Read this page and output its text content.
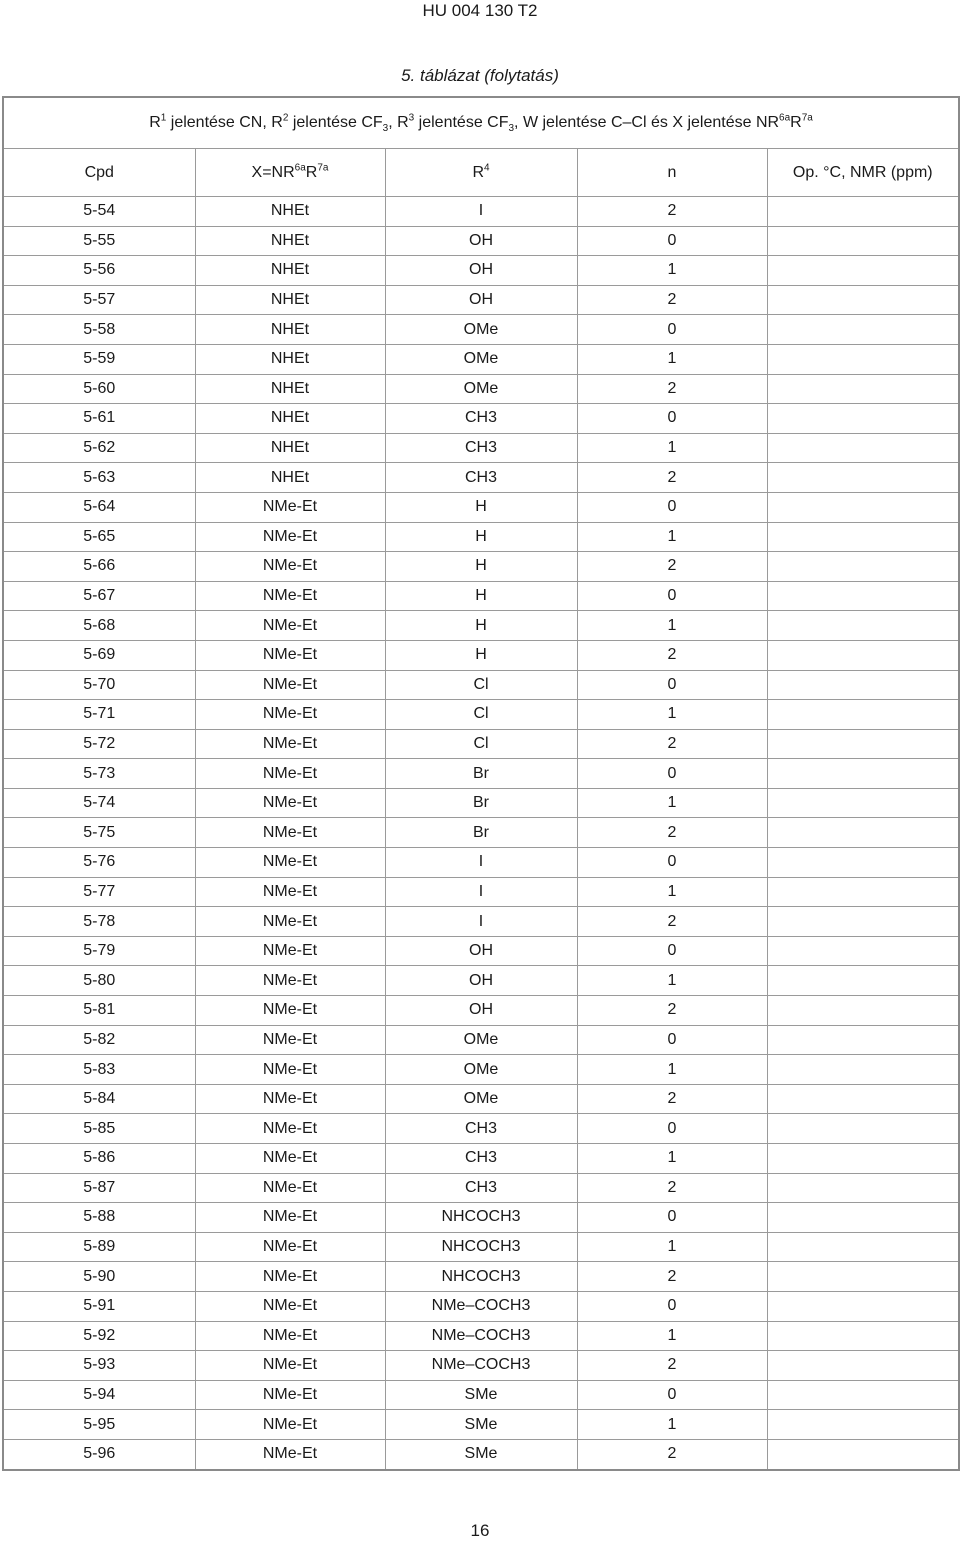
HU 004 130 T2
5. táblázat (folytatás)
$R^1$ jelentése CN, $R^2$ jelentése $CF_3$, $R^3$ jelentése $CF_3$, W jelentése C–Cl és X jelentése $NR^{6a}R^{7a}$
Cpd	$X=NR^{6a}R^{7a}$	$R^4$	n	Op. °C, NMR (ppm)
5-54	NHEt	I	2	
5-55	NHEt	OH	0	
5-56	NHEt	OH	1	
5-57	NHEt	OH	2	
5-58	NHEt	OMe	0	
5-59	NHEt	OMe	1	
5-60	NHEt	OMe	2	
5-61	NHEt	CH3	0	
5-62	NHEt	CH3	1	
5-63	NHEt	CH3	2	
5-64	NMe-Et	H	0	
5-65	NMe-Et	H	1	
5-66	NMe-Et	H	2	
5-67	NMe-Et	H	0	
5-68	NMe-Et	H	1	
5-69	NMe-Et	H	2	
5-70	NMe-Et	Cl	0	
5-71	NMe-Et	Cl	1	
5-72	NMe-Et	Cl	2	
5-73	NMe-Et	Br	0	
5-74	NMe-Et	Br	1	
5-75	NMe-Et	Br	2	
5-76	NMe-Et	I	0	
5-77	NMe-Et	I	1	
5-78	NMe-Et	I	2	
5-79	NMe-Et	OH	0	
5-80	NMe-Et	OH	1	
5-81	NMe-Et	OH	2	
5-82	NMe-Et	OMe	0	
5-83	NMe-Et	OMe	1	
5-84	NMe-Et	OMe	2	
5-85	NMe-Et	CH3	0	
5-86	NMe-Et	CH3	1	
5-87	NMe-Et	CH3	2	
5-88	NMe-Et	NHCOCH3	0	
5-89	NMe-Et	NHCOCH3	1	
5-90	NMe-Et	NHCOCH3	2	
5-91	NMe-Et	NMe–COCH3	0	
5-92	NMe-Et	NMe–COCH3	1	
5-93	NMe-Et	NMe–COCH3	2	
5-94	NMe-Et	SMe	0	
5-95	NMe-Et	SMe	1	
5-96	NMe-Et	SMe	2	
16
